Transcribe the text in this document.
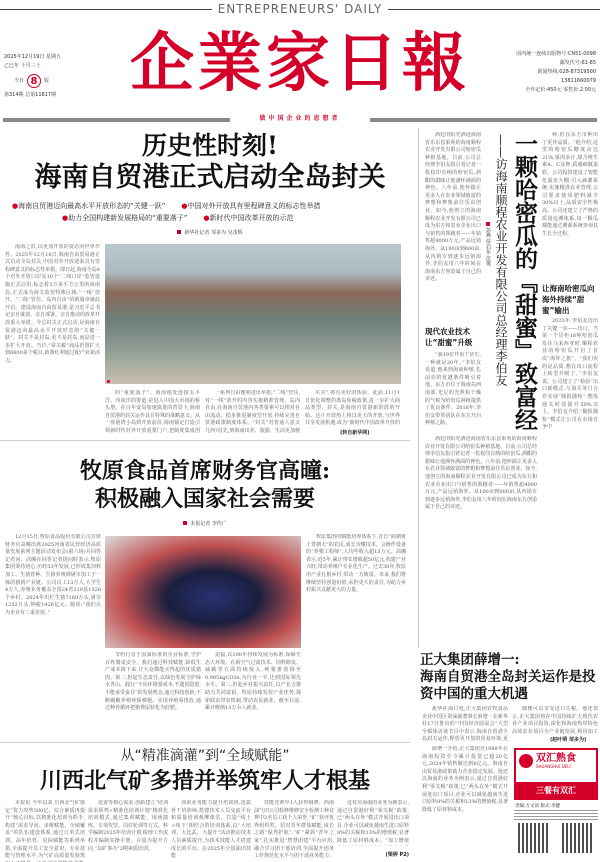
ENTREPRENEURS' DAILY
企業家日報
2025年12月19日 星期五
乙巳年 十月三十
今日 8	版
第314期 总第11617期
国内统一连续出版物号:CN51-0098
邮发代号:61-85
新闻热线:028-87319500
13811660079
全年定价:450元 零售价:2.00元
做中国企业的思想者
历史性时刻!
海南自贸港正式启动全岛封关
●海南自贸港迈向最高水平开放形态的“关键一跃” ●中国对外开放具有里程碑意义的标志性举措
●助力全国构建新发展格局的“重要落子” ●新时代中国改革开放的示范
新华社记者 邹多为 吴茂辉
南海之滨,以更加开放的姿态向世界作答。2025年12月18日,海南自由贸易港正式启动全岛封关,中国对外开放迎来具有里程碑意义的标志性举措。即日起,海南全岛8个对外开放口岸及10个“二线口岸”监管设施正式启用,标志着3万多平方公里的海南岛,正式成为海关监管特殊区域,“一线”放开、“二线”管住、岛内自由”的新篇章就此开启。建设海南自由贸易港,是习近平总书记亲自谋划、亲自部署、亲自推动的改革开放重大举措。今总封关正式启动,是海南自贸港迈向最高水平开放形态的“关键一跃”。封关不是封岛,更不是封岛,而是进一步扩大开放。当日,“零关税”商品范围扩大到6600多个税目,政策红利通过配产业新活力。
的“重要落子”。海南地处连接太平洋、印度洋的要道,是进入中国大市场的桥头堡。在百年变局加速演进的背景下,海南自贸港的封关运作具有特殊的战略意义。从一座港湾小岛到开放前沿,海南锚定打造引领新时代对外开放重要门户,把制度集成创
一系列自由便利进出举措,“二线”管住,对“一线”放开的内容实施精准管理。岛内自由,在海南自贸港内各类要素可以相对自由流动。稳步推进制度型开放,持续完善自贸港政策制度体系。“封关”对普通人意义几何?首先,到海南出差、旅游、生活更加便
买买”,将有更好的体验。此前,11月1日优化调整的离岛免税政策,进一步扩大商品类型。封关,是海南自贸港新阶段的开始。这片开放热土将以更大的开放,与世界共享发展机遇,成为“新时代中国改革开放的
(转自新华网)
酒廷的阳光洒进海南省乐东县果苑的海南顺程农业开发有限公司哈密瓜种植基地。日前,公司总经理李伯友指引着记者一枚枚印有纳的哈密瓜,酒酣的甜味让他满怀满面的神色。八年前,他怀揣让更多人在农业领域致富的梦想和梦想前往乐东创业。如今,他创立的海南顺程农业开发有限公司已成为东方和农业企业出口与销售的领跑者——年销售超4000万元,产品远销海外。从100亩到600亩,从内销专到逐步远销海外,李伯友用八年时间在海南东方创造属于自己的奇迹。
现代农业技术让“甜蜜”升级
“我19岁开始干货生,一种就是20年。”李伯友说道,他来到海南种植,扎前亮的优越条件吸引着他。东方市位于海南岛西南部,光足的光照和干燥的气候为哈密瓜种植提供了优良条件。2018年,李伯友带着团队在东方开启种植之路。	一颗哈密瓜的『甜蜜』致富经
——访海南顺程农业开发有限公司总经理李伯友
彭燕 侍启东 沈俊
种,但在东方市种出了更佳品质。“他介绍,这里的哈密瓜糖度高达21%,果肉多汁,甜含维生素A、C及钾,质感细腻柔软。公司投资建设了智能化温室大棚,引入滴灌系统,实施精准农业管理,公司要求使用肥料减少30%以上,品质安全性极高。公司还建立了严格的质量追溯体系,每一颗瓜都能通过溯源系统查询其生长全过程。
让海南哈密瓜向海外持续“甜蜜”输出
2023年,李伯友迈出了关键一步——出口。当第一个货柜18吨哈密瓜发往马来西亚时,顺程农业的哈密瓜开启了首次“海外之旅”。“我们卖的是品质,想在出口流程上转型升级了。”李伯友说。公司建立了“检验”出口新模式,与海关等门合作实现“随报随检”,整体通关时效提升50%以上。李伯友介绍,“随报随检”模式让公司在市场竞争中
酒廷的阳光洒进海南省乐东县果苑的海南顺程农业开发有限公司哈密瓜种植基地。日前,公司总经理李伯友指引着记者一枚枚印有纳的哈密瓜,酒酣的甜味让他满怀满面的神色。八年前,他怀揣让更多人在农业领域致富的梦想和梦想前往乐东创业。如今,他创立的海南顺程农业开发有限公司已成为东方和农业企业出口与销售的领跑者——年销售超4000万元,产品远销海外。从100亩到600亩,从内销专到逐步远销海外,李伯友用八年时间在海南东方创造属于自己的奇迹。
牧原食品首席财务官高曈:
积极融入国家社会需要
本报记者 李代广
12月15日,牧原食品股份有限公司首席财务官高曈出席2025河南省民营经济高质量发展系列主题活动发布会(第六场)并回答记者问。高曈在回答记者提问时表示,牧原集团秉持初心,历经33年发展,已形成集饲料加工、生猪育种、生猪养殖到屠宰加工于一体的猪肉产业链。公司员工13万人,大学生4万人,养殖业务覆盖全国24省219县1326个乡村。2024年出栏生猪7160万头,屠宰1252万头,纳税1426亿元。她说:“我们认为企业有三重价值。”
节约行首于国家标准的企业标准,守护百姓餐桌安全。我们通过科技赋能,降低生产成本降下来,让大众都能买得起的优质猪肉。第二,担起生态责任,以绿色发展守护绿水青山。践行“不向环境要成本,不遗留隐患,不能承受责任”的发展理念,通过科技创新,不断破解养殖环保难题。实现养殖零排放,通过种养循环把猪粪尿转化为好肥。
造福,以100年持续发展为标准,保障生态大环境。在新空气过滤技术、饲料除臭、减碳等方面持续投入,吨猪排放降至0.905kgCO2e,为行业一半,达到国际领先水平。第三,担起乡村振兴责任,以产业力推助力共同富裕。牧原持续发挥产业优势,探索联农带农机制,带动农民就业。截至目前,累计吸纳13万余人就业。
牧原集团的赋能培养体系下,昔日“面朝黄土背朝天”的农民,成长为懂技术、会操作设备的“养猪工程师”,人均年收入超13万元。高曈表示,近5年,累计带农增收超50亿元,构建产业兴旺,带动养殖户专业化生产。过去30年,牧原用产业扎根乡村,带动一方致富。未来,我们将继续坚持创造价值,承担更大的责任,为助力乡村振兴贡献更大的力量。
正大集团薛增一:
海南自贸港全岛封关运作是投资中国的重大机遇
新华社海口电,正大集团农牧食品企业中国区资深副董事长薛增一在新华社17日推出的“中国经济圆桌会”大型全媒体访谈节目中表示,海南自贸港全岛封关运作,释放更开放的贸易环境,更
随便可以享受进口关税。他还表示,正大集团将在中国持续扩大现代农业产业项目投资,深化和海南热带特色高效农业项目全产业链发展,利用加工
(赵叶萌 邹多为)
薛增一介绍,正大集团自1988年在海南投资至今累计投资已超20亿元,2024年销售额达到6亿元。海南自由贸易港政策助力企业稳定发展。他还以海南的业务为例表示,通过自贸港好利“零关税”政策,已“两头在外”模式开展进出口项目,企业可以减免越南生进口原料8%的关税和13%的增值税,显著降低了原材料成本。
从“精准滴灌”到“全域赋能”
川西北气矿多措并举筑牢人才根基
本报讯 今年以来,川西北气矿锚定“资力攻势500亿、综合素质再提升”核心目标,以精准化培训为抓手,构建“需求导向、多维赋能、全域覆盖”的队伍建设体系,通过订单式培训、高年培育、星际赋能等系列举措,全面提升员工安全意识、专业技能与管理水平,为气矿高质量发展筑
处置等核心需求,创新建立“培训需求预判+精准化培训计划”精准化培训模式,通过集训赋能、现场演练、专项攻坚、岗位轮训等方式。科学编制2025年培训计划,梳理工作流程并编制实操手册。存量为提升方向,“以矿事办”2期素质培训。
训讲业务能力提升培训班,选拔骨干培训师,搭建技术人员交流平台和质量培训观摩课堂。打造“线上+线下”相结合的培训体系,以“大培训、大比武、大提升”活动推动技术人员素质提升,为技术技能人才搭建成长的平台。在2025年全国油田技能
技能竞赛中1人获得铜牌、西南油气田公司检修维修安全检测工种竞赛中2名员工获个人荣誉,“矿”获评优秀组织奖。招对青年群体赋能,成长之路“保驾护航”,“矿”紧抓“青年之家”,扎实推进“智慧团建”平台应用,融合学习团干部培训,全面提升团务工作规范化水平与团干部业务能力。
这对应海南的业务为例表示,通过自贸港好利“零关税”政策,已“两头在外”模式开展进出口项目,企业可以减免越南生进口原料8%的关税和13%的增值税,显著降低了原材料成本。“加工增值
(梁婷 P2)
双汇熟食
SHUANGHUI DELI
三餐有双汇
责编:万文清 版式:李健
